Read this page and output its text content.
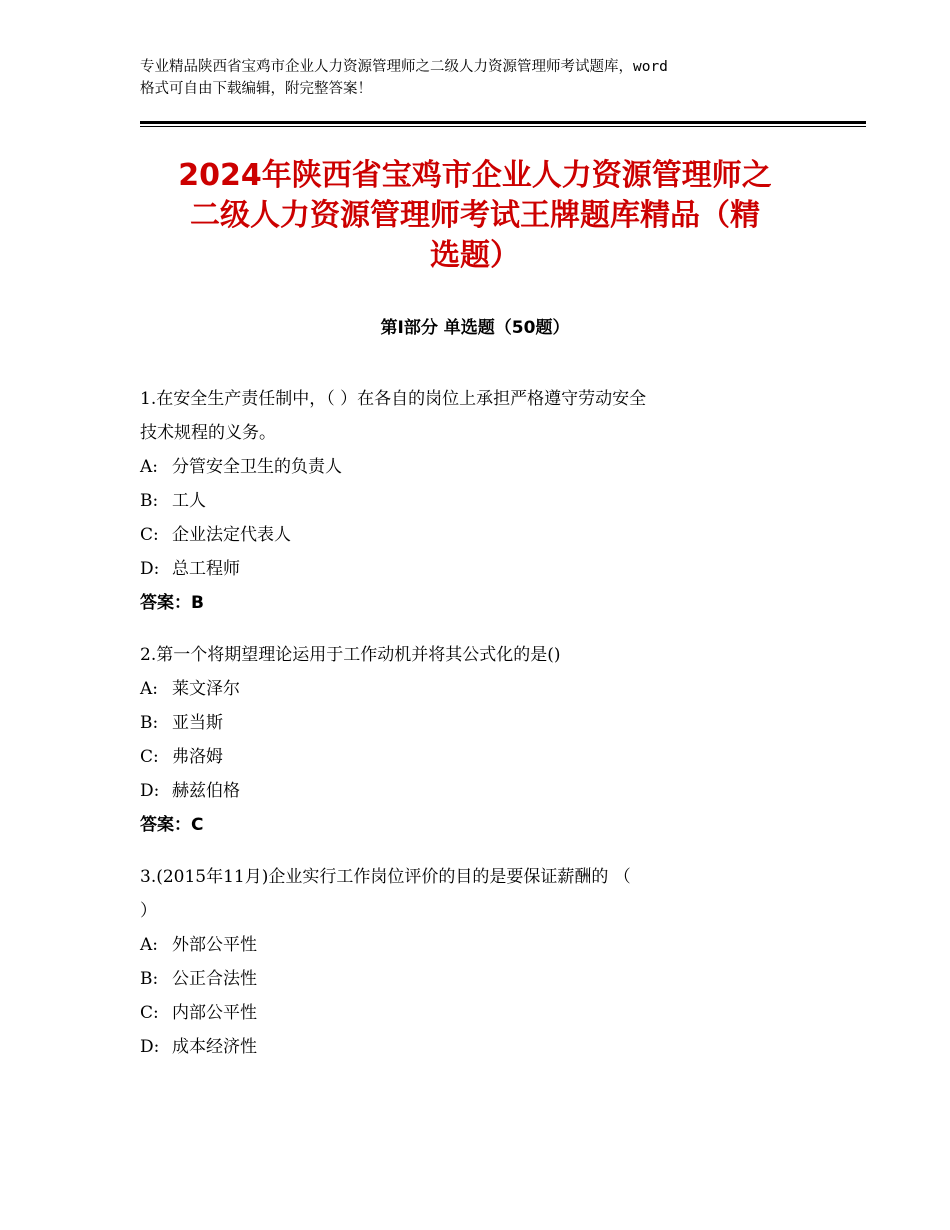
专业精品陕西省宝鸡市企业人力资源管理师之二级人力资源管理师考试题库，word
格式可自由下载编辑，附完整答案！
2024年陕西省宝鸡市企业人力资源管理师之
二级人力资源管理师考试王牌题库精品（精
选题）
第Ⅰ部分 单选题（50题）
1.在安全生产责任制中，（ ）在各自的岗位上承担严格遵守劳动安全
技术规程的义务。
A: 分管安全卫生的负责人
B: 工人
C: 企业法定代表人
D: 总工程师
答案：B
2.第一个将期望理论运用于工作动机并将其公式化的是()
A: 莱文泽尔
B: 亚当斯
C: 弗洛姆
D: 赫兹伯格
答案：C
3.(2015年11月)企业实行工作岗位评价的目的是要保证薪酬的 （
）
A: 外部公平性
B: 公正合法性
C: 内部公平性
D: 成本经济性
